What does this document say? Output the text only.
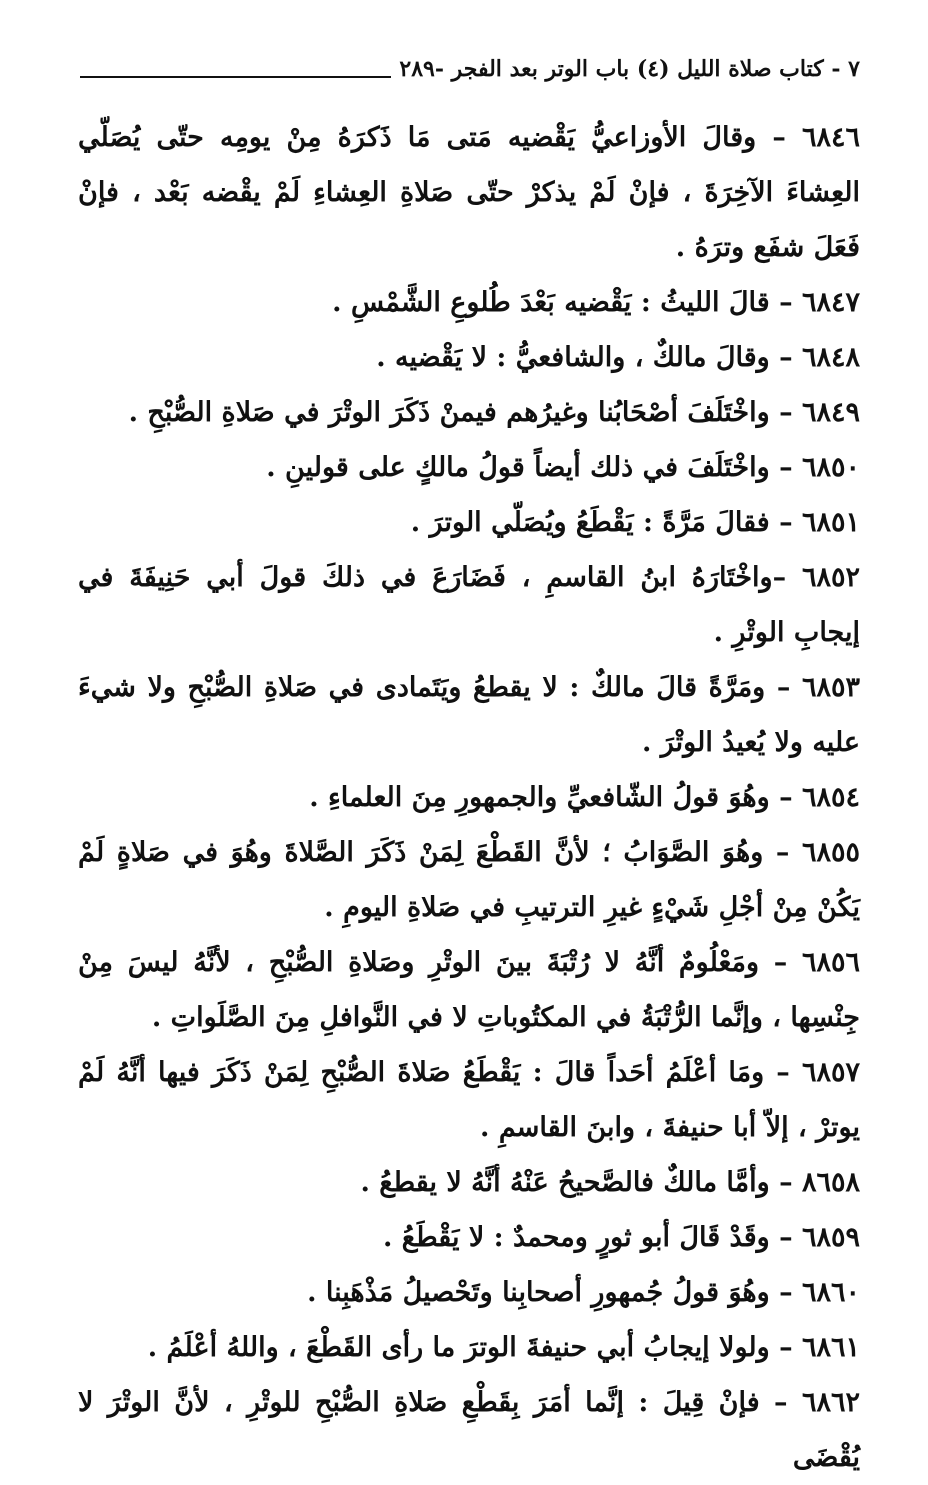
٧ - كتاب صلاة الليل (٤) باب الوتر بعد الفجر -٢٨٩

٦٨٤٦ – وقالَ الأوزاعيُّ يَقْضيه مَتى مَا ذَكرَهُ مِنْ يومِه حتّى يُصَلّي العِشاءَ الآخِرَةَ ، فإنْ لَمْ يذكرْ حتّى صَلاةِ العِشاءِ لَمْ يقْضه بَعْد ، فإنْ فَعَلَ شفَع وترَهُ .

٦٨٤٧ – قالَ الليثُ : يَقْضيه بَعْدَ طُلوعِ الشَّمْسِ .

٦٨٤٨ – وقالَ مالكٌ ، والشافعيُّ : لا يَقْضيه .

٦٨٤٩ – واخْتَلَفَ أصْحَابُنا وغيرُهم فيمنْ ذَكَرَ الوتْرَ في صَلاةِ الصُّبْحِ .

٦٨٥٠ – واخْتَلَفَ في ذلك أيضاً قولُ مالكٍ على قولينِ .

٦٨٥١ – فقالَ مَرَّةً : يَقْطَعُ ويُصَلّي الوترَ .

٦٨٥٢ –واخْتَارَهُ ابنُ القاسمِ ، فَضَارَعَ في ذلكَ قولَ أبي حَنِيفَةَ في إيجابِ الوتْرِ .

٦٨٥٣ – ومَرَّةً قالَ مالكٌ : لا يقطعُ ويَتَمادى في صَلاةِ الصُّبْحِ ولا شيءَ عليه ولا يُعيدُ الوتْرَ .

٦٨٥٤ – وهُوَ قولُ الشّافعيِّ والجمهورِ مِنَ العلماءِ .

٦٨٥٥ – وهُوَ الصَّوَابُ ؛ لأنَّ القَطْعَ لِمَنْ ذَكَرَ الصَّلاةَ وهُوَ في صَلاةٍ لَمْ يَكُنْ مِنْ أجْلِ شَيْءٍ غيرِ الترتيبِ في صَلاةِ اليومِ .

٦٨٥٦ – ومَعْلُومٌ أنَّهُ لا رُتْبَةَ بينَ الوتْرِ وصَلاةِ الصُّبْحِ ، لأنَّهُ ليسَ مِنْ جِنْسِها ، وإنَّما الرُّتْبَةُ في المكتُوباتِ لا في النَّوافلِ مِنَ الصَّلَواتِ .

٦٨٥٧ – ومَا أعْلَمُ أحَداً قالَ : يَقْطَعُ صَلاةَ الصُّبْحِ لِمَنْ ذَكَرَ فيها أنَّهُ لَمْ يوترْ ، إلاّ أبا حنيفةَ ، وابنَ القاسمِ .

٨٦٥٨ – وأمَّا مالكٌ فالصَّحيحُ عَنْهُ أنَّهُ لا يقطعُ .

٦٨٥٩ – وقَدْ قَالَ أبو ثورٍ ومحمدٌ : لا يَقْطَعُ .

٦٨٦٠ – وهُوَ قولُ جُمهورِ أصحابِنا وتَحْصيلُ مَذْهَبِنا .

٦٨٦١ – ولولا إيجابُ أبي حنيفةَ الوترَ ما رأى القَطْعَ ، واللهُ أعْلَمُ .

٦٨٦٢ – فإنْ قِيلَ : إنَّما أمَرَ بِقَطْعِ صَلاةِ الصُّبْحِ للوتْرِ ، لأنَّ الوتْرَ لا يُقْضَى
